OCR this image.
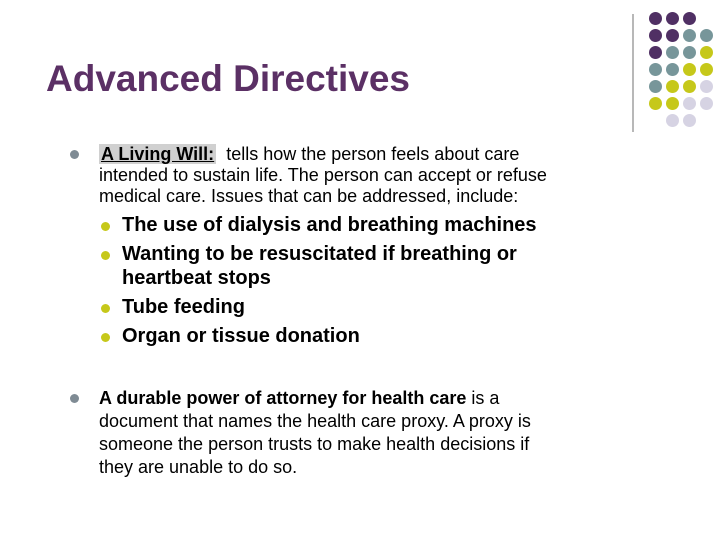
Advanced Directives
A Living Will: tells how the person feels about care
intended to sustain life. The person can accept or refuse
medical care. Issues that can be addressed, include:
The use of dialysis and breathing machines
Wanting to be resuscitated if breathing or
heartbeat stops
Tube feeding
Organ or tissue donation
A durable power of attorney for health care is a
document that names the health care proxy. A proxy is
someone the person trusts to make health decisions if
they are unable to do so.
